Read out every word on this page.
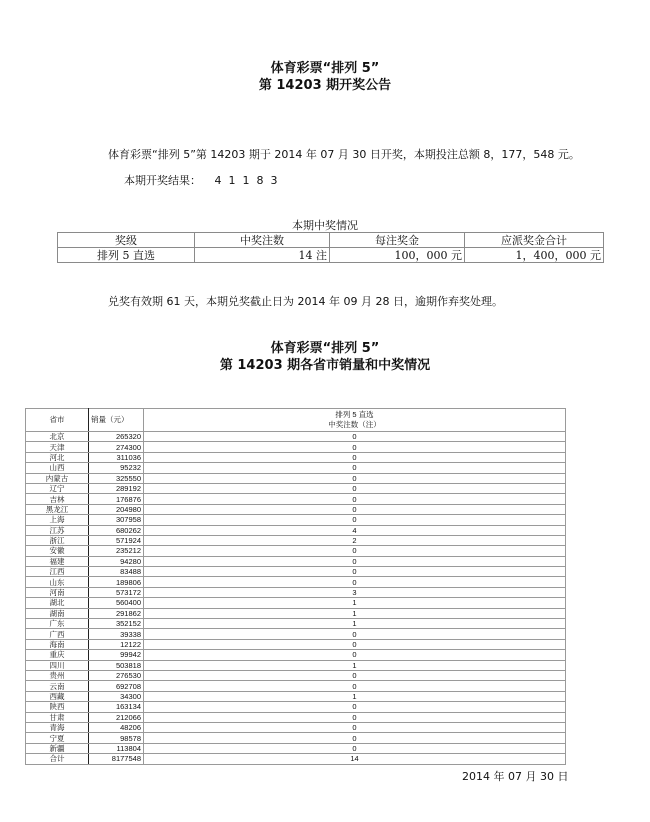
体育彩票“排列 5”
第 14203 期开奖公告
体育彩票“排列 5”第 14203 期于 2014 年 07 月 30 日开奖，本期投注总额 8，177，548 元。
本期开奖结果： 4 1 1 8 3
本期中奖情况
奖级	中奖注数	每注奖金	应派奖金合计
排列 5 直选	14 注	100，000 元	1，400，000 元
兑奖有效期 61 天，本期兑奖截止日为 2014 年 09 月 28 日，逾期作弃奖处理。
体育彩票“排列 5”
第 14203 期各省市销量和中奖情况
省市	销量（元）	排列 5 直选
中奖注数（注）

北京	265320	0
天津	274300	0
河北	311036	0
山西	95232	0
内蒙古	325550	0
辽宁	289192	0
吉林	176876	0
黑龙江	204980	0
上海	307958	0
江苏	680262	4
浙江	571924	2
安徽	235212	0
福建	94280	0
江西	83488	0
山东	189806	0
河南	573172	3
湖北	560400	1
湖南	291862	1
广东	352152	1
广西	39338	0
海南	12122	0
重庆	99942	0
四川	503818	1
贵州	276530	0
云南	692708	0
西藏	34300	1
陕西	163134	0
甘肃	212066	0
青海	48206	0
宁夏	98578	0
新疆	113804	0
合计	8177548	14
2014 年 07 月 30 日
